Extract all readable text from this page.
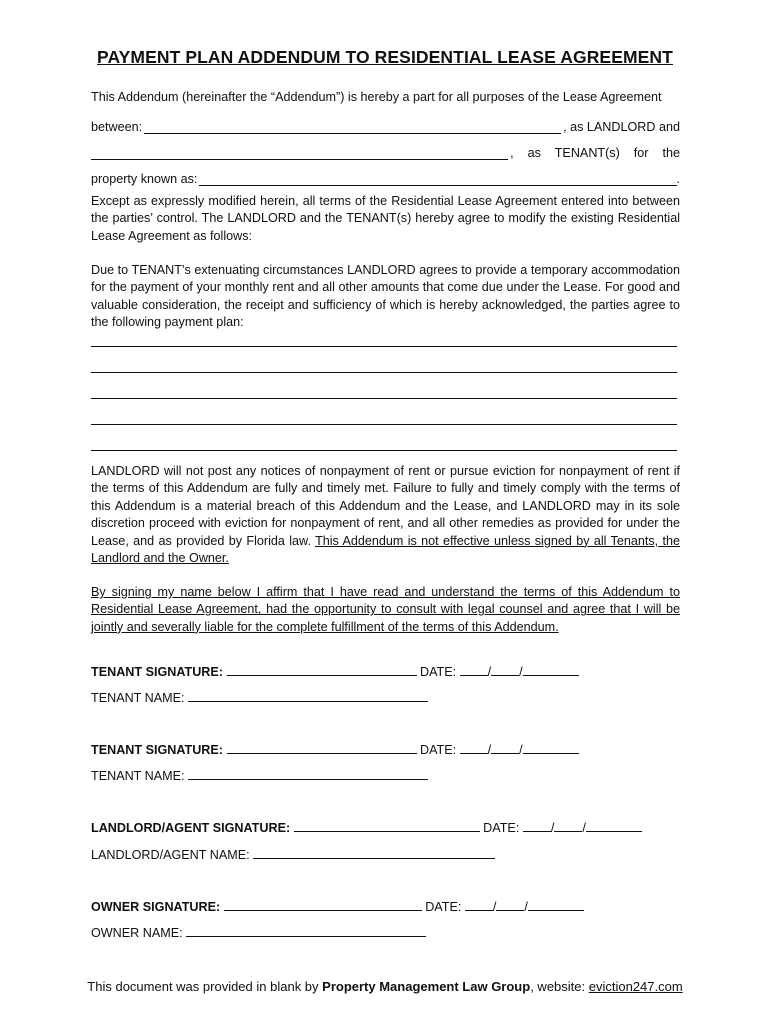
PAYMENT PLAN ADDENDUM TO RESIDENTIAL LEASE AGREEMENT
This Addendum (hereinafter the “Addendum”) is hereby a part for all purposes of the Lease Agreement
between:	, as LANDLORD and
,    as    TENANT(s)    for    the
property known as:	.
Except as expressly modified herein, all terms of the Residential Lease Agreement entered into between the parties’ control. The LANDLORD and the TENANT(s) hereby agree to modify the existing Residential Lease Agreement as follows:
Due to TENANT’s extenuating circumstances LANDLORD agrees to provide a temporary accommodation for the payment of your monthly rent and all other amounts that come due under the Lease. For good and valuable consideration, the receipt and sufficiency of which is hereby acknowledged, the parties agree to the following payment plan:
LANDLORD will not post any notices of nonpayment of rent or pursue eviction for nonpayment of rent if the terms of this Addendum are fully and timely met. Failure to fully and timely comply with the terms of this Addendum is a material breach of this Addendum and the Lease, and LANDLORD may in its sole discretion proceed with eviction for nonpayment of rent, and all other remedies as provided for under the Lease, and as provided by Florida law. This Addendum is not effective unless signed by all Tenants, the Landlord and the Owner.
By signing my name below I affirm that I have read and understand the terms of this Addendum to Residential Lease Agreement, had the opportunity to consult with legal counsel and agree that I will be jointly and severally liable for the complete fulfillment of the terms of this Addendum.
TENANT SIGNATURE:	DATE:	/ /
TENANT NAME:
TENANT SIGNATURE:	DATE:	/ /
TENANT NAME:
LANDLORD/AGENT SIGNATURE:	DATE:	/ /
LANDLORD/AGENT NAME:
OWNER SIGNATURE:	DATE:	/ /
OWNER NAME:
This document was provided in blank by Property Management Law Group, website: eviction247.com
